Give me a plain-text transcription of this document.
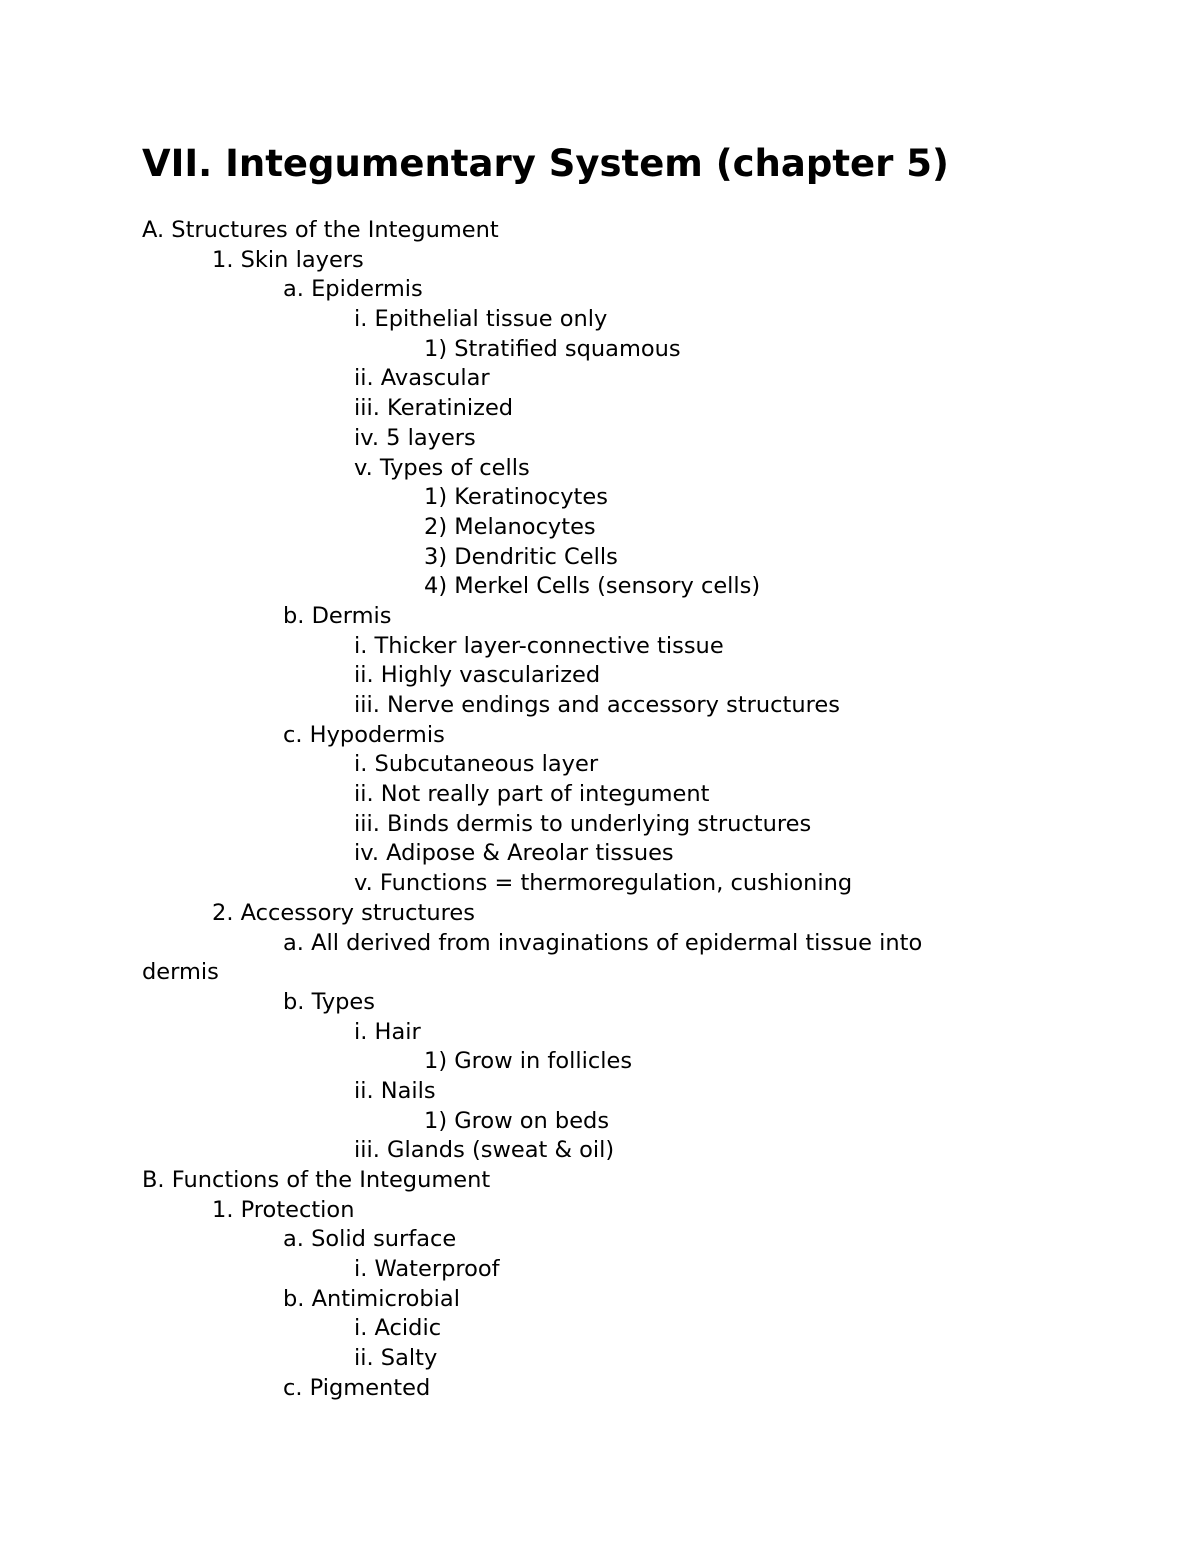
VII. Integumentary System (chapter 5)
A. Structures of the Integument
1. Skin layers
a. Epidermis
i. Epithelial tissue only
1) Stratified squamous
ii. Avascular
iii. Keratinized
iv. 5 layers
v. Types of cells
1) Keratinocytes
2) Melanocytes
3) Dendritic Cells
4) Merkel Cells (sensory cells)
b. Dermis
i. Thicker layer-connective tissue
ii. Highly vascularized
iii. Nerve endings and accessory structures
c. Hypodermis
i. Subcutaneous layer
ii. Not really part of integument
iii. Binds dermis to underlying structures
iv. Adipose & Areolar tissues
v. Functions = thermoregulation, cushioning
2. Accessory structures
a. All derived from invaginations of epidermal tissue into
dermis
b. Types
i. Hair
1) Grow in follicles
ii. Nails
1) Grow on beds
iii. Glands (sweat & oil)
B. Functions of the Integument
1. Protection
a. Solid surface
i. Waterproof
b. Antimicrobial
i. Acidic
ii. Salty
c. Pigmented
